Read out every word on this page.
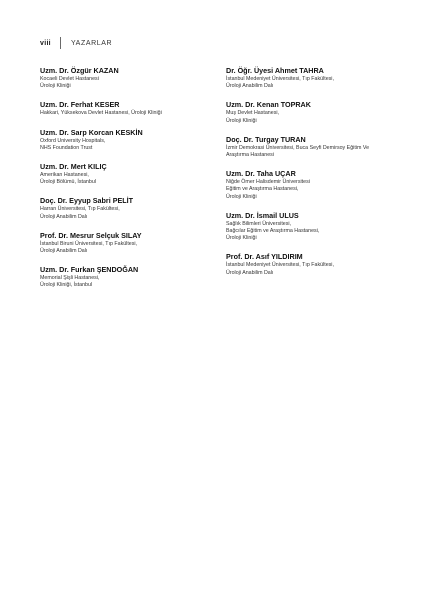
viii	YAZARLAR
Uzm. Dr. Özgür KAZAN
Kocaeli Devlet Hastanesi
Üroloji Kliniği
Uzm. Dr. Ferhat KESER
Hakkari, Yüksekova Devlet Hastanesi, Üroloji Kliniği
Uzm. Dr. Sarp Korcan KESKİN
Oxford University Hospitals,
NHS Foundation Trust
Uzm. Dr. Mert KILIÇ
Amerikan Hastanesi,
Üroloji Bölümü, İstanbul
Doç. Dr. Eyyup Sabri PELİT
Harran Üniversitesi, Tıp Fakültesi,
Üroloji Anabilim Dalı
Prof. Dr. Mesrur Selçuk SILAY
İstanbul Biruni Üniversitesi, Tıp Fakültesi,
Üroloji Anabilim Dalı
Uzm. Dr. Furkan ŞENDOĞAN
Memorial Şişli Hastanesi,
Üroloji Kliniği, İstanbul
Dr. Öğr. Üyesi Ahmet TAHRA
İstanbul Medeniyet Üniversitesi, Tıp Fakültesi,
Üroloji Anabilim Dalı
Uzm. Dr. Kenan TOPRAK
Muş Devlet Hastanesi,
Üroloji Kliniği
Doç. Dr. Turgay TURAN
İzmir Demokrasi Üniversitesi, Buca Seyfi Demirsoy Eğitim Ve
Araştırma Hastanesi
Uzm. Dr. Taha UÇAR
Niğde Ömer Halisdemir Üniversitesi
Eğitim ve Araştırma Hastanesi,
Üroloji Kliniği
Uzm. Dr. İsmail ULUS
Sağlık Bilimleri Üniversitesi,
Bağcılar Eğitim ve Araştırma Hastanesi,
Üroloji Kliniği
Prof. Dr. Asıf YILDIRIM
İstanbul Medeniyet Üniversitesi, Tıp Fakültesi,
Üroloji Anabilim Dalı
